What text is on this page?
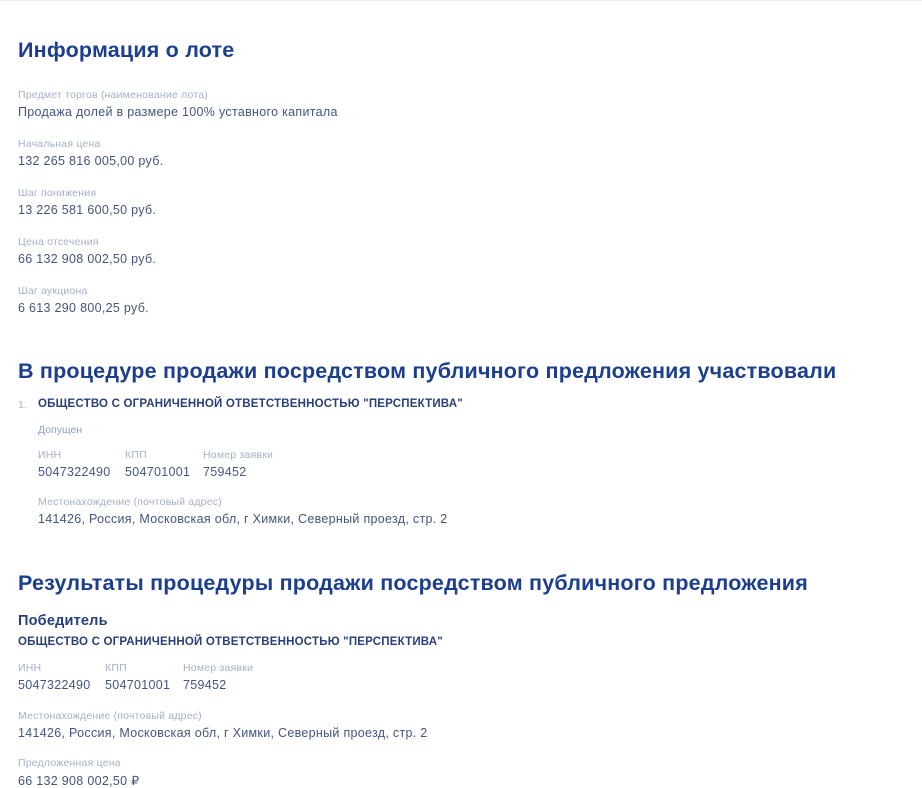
Информация о лоте
Предмет торгов (наименование лота)
Продажа долей в размере 100% уставного капитала
Начальная цена
132 265 816 005,00 руб.
Шаг понижения
13 226 581 600,50 руб.
Цена отсечения
66 132 908 002,50 руб.
Шаг аукциона
6 613 290 800,25 руб.
В процедуре продажи посредством публичного предложения участвовали
1. ОБЩЕСТВО С ОГРАНИЧЕННОЙ ОТВЕТСТВЕННОСТЬЮ "ПЕРСПЕКТИВА"
Допущен
ИНН
5047322490
КПП
504701001
Номер заявки
759452
Местонахождение (почтовый адрес)
141426, Россия, Московская обл, г Химки, Северный проезд, стр. 2
Результаты процедуры продажи посредством публичного предложения
Победитель
ОБЩЕСТВО С ОГРАНИЧЕННОЙ ОТВЕТСТВЕННОСТЬЮ "ПЕРСПЕКТИВА"
ИНН
5047322490
КПП
504701001
Номер заявки
759452
Местонахождение (почтовый адрес)
141426, Россия, Московская обл, г Химки, Северный проезд, стр. 2
Предложенная цена
66 132 908 002,50 ₽
